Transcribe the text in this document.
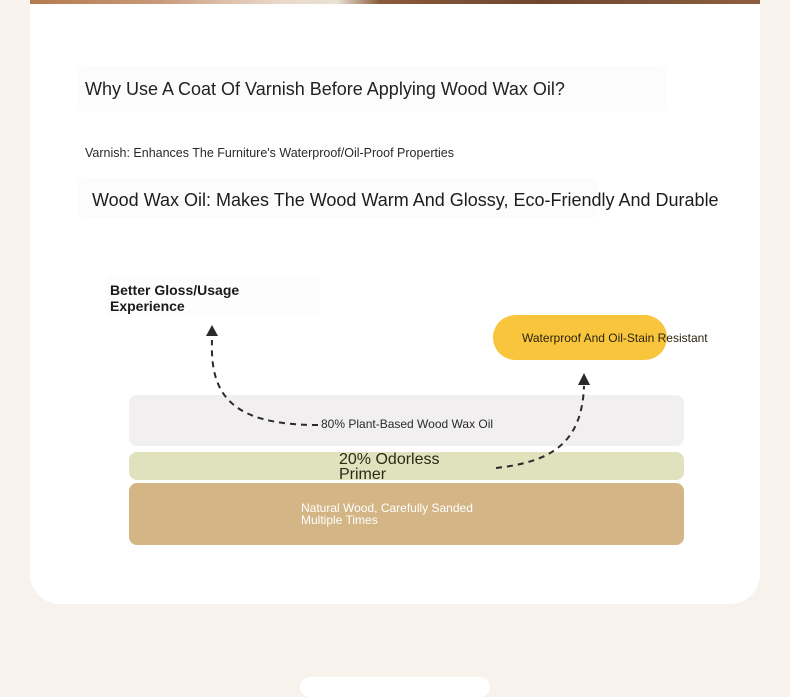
Why Use A Coat Of Varnish Before Applying Wood Wax Oil?
Varnish: Enhances The Furniture's Waterproof/Oil-Proof Properties
Wood Wax Oil: Makes The Wood Warm And Glossy, Eco-Friendly And Durable
Better Gloss/Usage Experience
Waterproof And Oil-Stain Resistant
80% Plant-Based Wood Wax Oil
20% Odorless Primer
Natural Wood, Carefully Sanded Multiple Times
